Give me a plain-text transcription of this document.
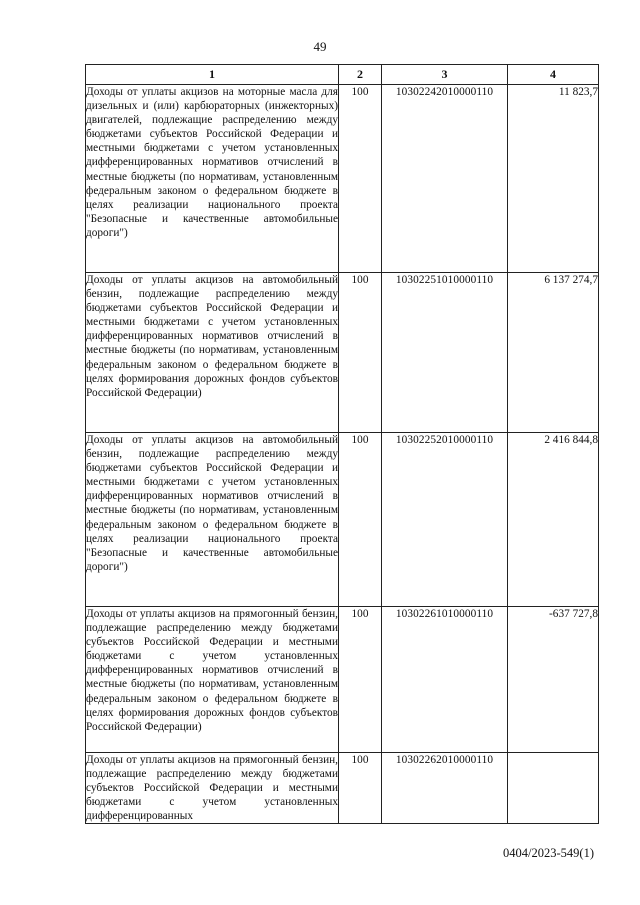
49
1	2	3	4
Доходы от уплаты акцизов на моторные масла для дизельных и (или) карбюраторных (инжекторных) двигателей, подлежащие распределению между бюджетами субъектов Российской Федерации и местными бюджетами с учетом установленных дифференцированных нормативов отчислений в местные бюджеты (по нормативам, установленным федеральным законом о федеральном бюджете в целях реализации национального проекта "Безопасные и качественные автомобильные дороги")	100	10302242010000110	11 823,7
Доходы от уплаты акцизов на автомобильный бензин, подлежащие распределению между бюджетами субъектов Российской Федерации и местными бюджетами с учетом установленных дифференцированных нормативов отчислений в местные бюджеты (по нормативам, установленным федеральным законом о федеральном бюджете в целях формирования дорожных фондов субъектов Российской Федерации)	100	10302251010000110	6 137 274,7
Доходы от уплаты акцизов на автомобильный бензин, подлежащие распределению между бюджетами субъектов Российской Федерации и местными бюджетами с учетом установленных дифференцированных нормативов отчислений в местные бюджеты (по нормативам, установленным федеральным законом о федеральном бюджете в целях реализации национального проекта "Безопасные и качественные автомобильные дороги")	100	10302252010000110	2 416 844,8
Доходы от уплаты акцизов на прямогонный бензин, подлежащие распределению между бюджетами субъектов Российской Федерации и местными бюджетами с учетом установленных дифференцированных нормативов отчислений в местные бюджеты (по нормативам, установленным федеральным законом о федеральном бюджете в целях формирования дорожных фондов субъектов Российской Федерации)	100	10302261010000110	-637 727,8
Доходы от уплаты акцизов на прямогонный бензин, подлежащие распределению между бюджетами субъектов Российской Федерации и местными бюджетами с учетом установленных дифференцированных	100	10302262010000110	
0404/2023-549(1)
